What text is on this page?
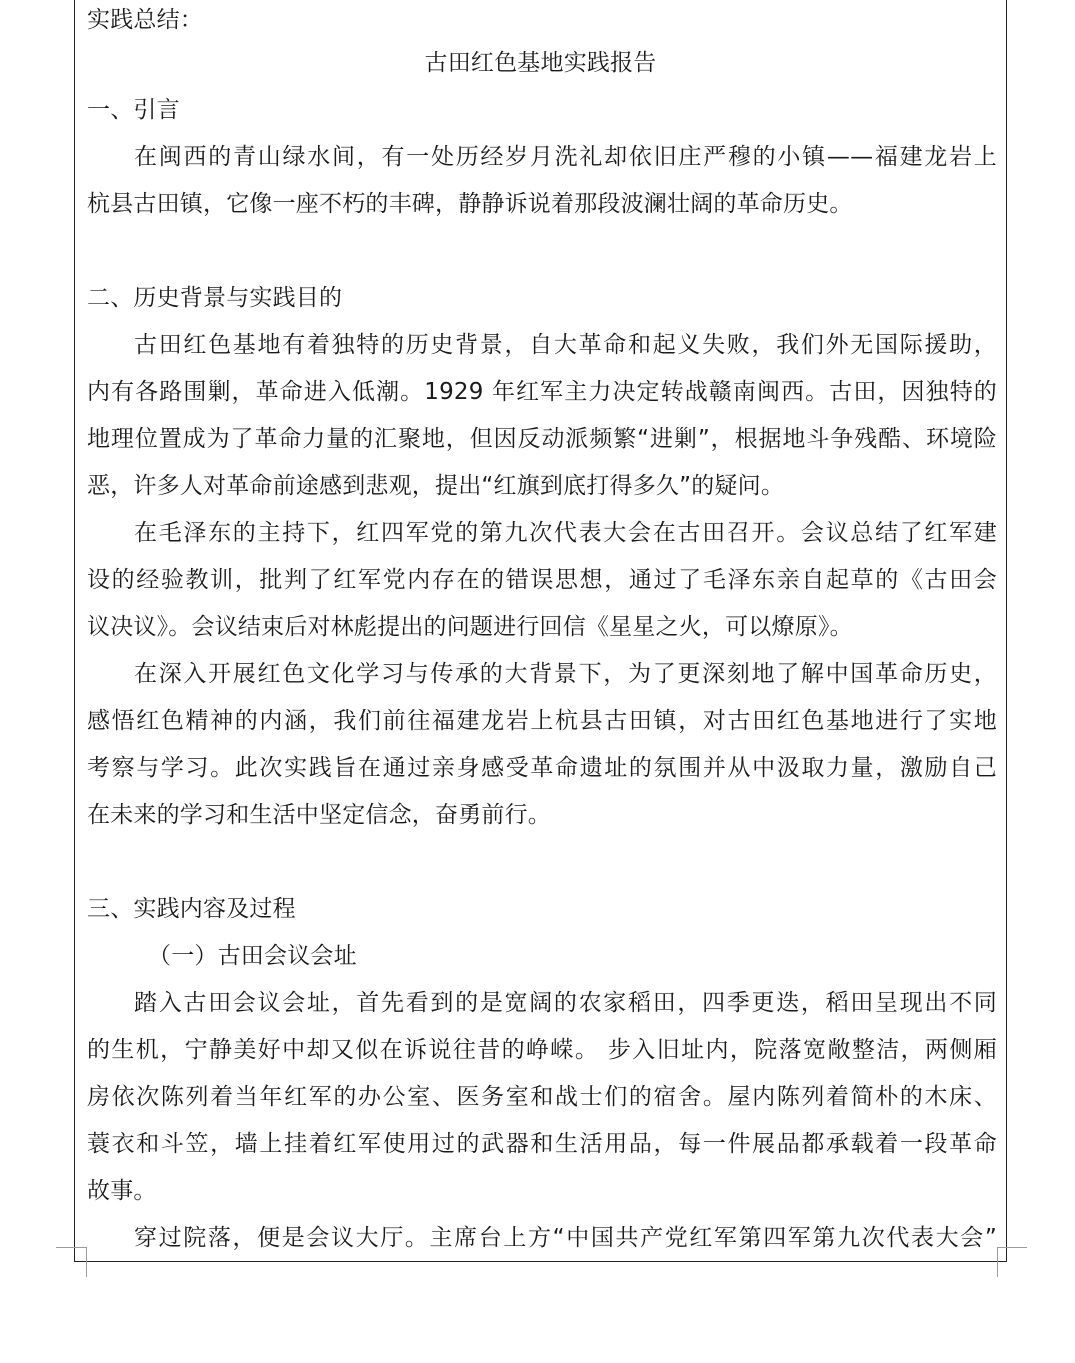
实践总结：
古田红色基地实践报告
一、引言
在闽西的青山绿水间，有一处历经岁月洗礼却依旧庄严穆的小镇——福建龙岩上
杭县古田镇，它像一座不朽的丰碑，静静诉说着那段波澜壮阔的革命历史。
二、历史背景与实践目的
古田红色基地有着独特的历史背景，自大革命和起义失败，我们外无国际援助，
内有各路围剿，革命进入低潮。1929 年红军主力决定转战赣南闽西。古田，因独特的
地理位置成为了革命力量的汇聚地，但因反动派频繁“进剿”，根据地斗争残酷、环境险
恶，许多人对革命前途感到悲观，提出“红旗到底打得多久”的疑问。
在毛泽东的主持下，红四军党的第九次代表大会在古田召开。会议总结了红军建
设的经验教训，批判了红军党内存在的错误思想，通过了毛泽东亲自起草的《古田会
议决议》。会议结束后对林彪提出的问题进行回信《星星之火，可以燎原》。
在深入开展红色文化学习与传承的大背景下，为了更深刻地了解中国革命历史，
感悟红色精神的内涵，我们前往福建龙岩上杭县古田镇，对古田红色基地进行了实地
考察与学习。此次实践旨在通过亲身感受革命遗址的氛围并从中汲取力量，激励自己
在未来的学习和生活中坚定信念，奋勇前行。
三、实践内容及过程
（一）古田会议会址
踏入古田会议会址，首先看到的是宽阔的农家稻田，四季更迭，稻田呈现出不同
的生机，宁静美好中却又似在诉说往昔的峥嵘。 步入旧址内，院落宽敞整洁，两侧厢
房依次陈列着当年红军的办公室、医务室和战士们的宿舍。屋内陈列着简朴的木床、
蓑衣和斗笠，墙上挂着红军使用过的武器和生活用品，每一件展品都承载着一段革命
故事。
穿过院落，便是会议大厅。主席台上方“中国共产党红军第四军第九次代表大会”
